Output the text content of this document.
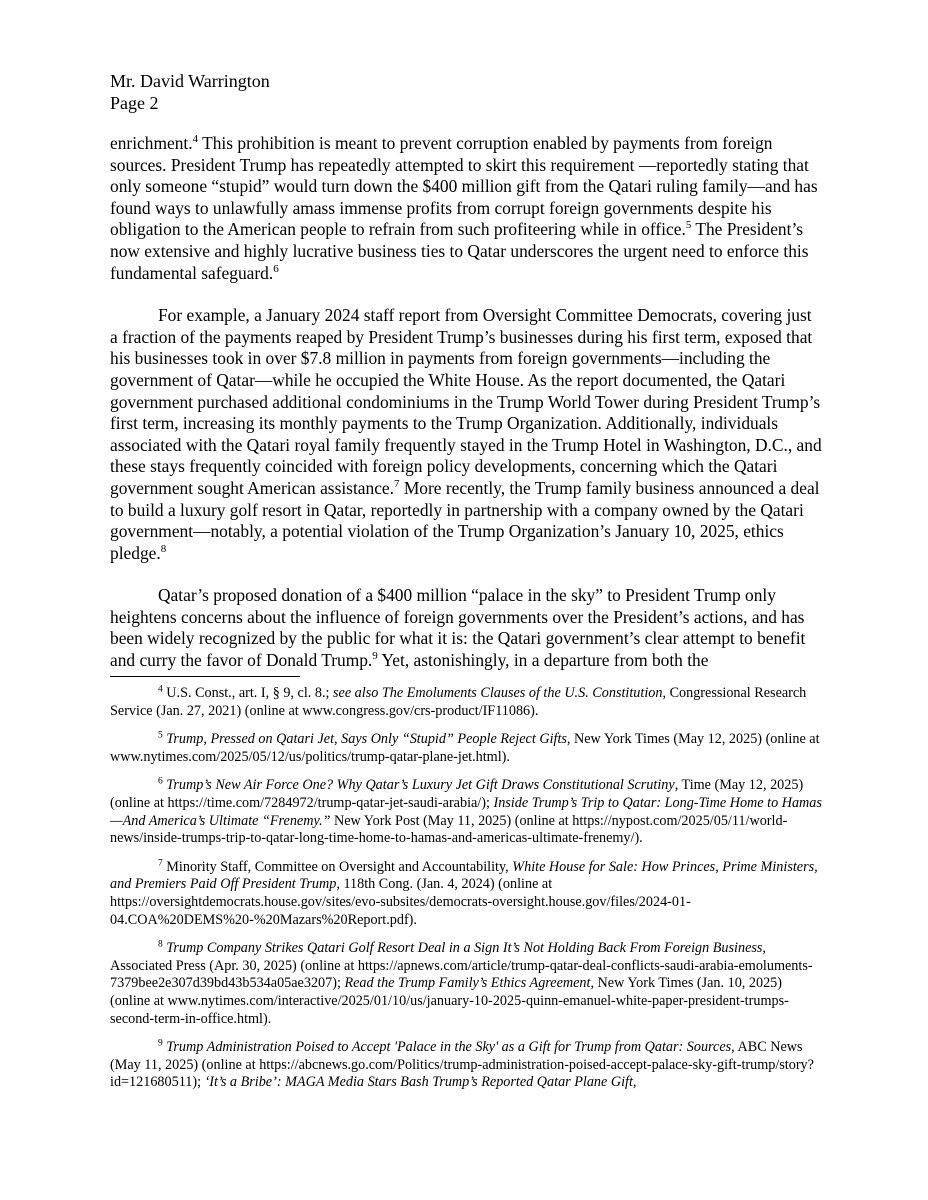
Mr. David Warrington
Page 2

enrichment.$^4$ This prohibition is meant to prevent corruption enabled by payments from foreign sources. President Trump has repeatedly attempted to skirt this requirement —reportedly stating that only someone “stupid” would turn down the $400 million gift from the Qatari ruling family—and has found ways to unlawfully amass immense profits from corrupt foreign governments despite his obligation to the American people to refrain from such profiteering while in office.$^5$ The President’s now extensive and highly lucrative business ties to Qatar underscores the urgent need to enforce this fundamental safeguard.$^6$

For example, a January 2024 staff report from Oversight Committee Democrats, covering just a fraction of the payments reaped by President Trump’s businesses during his first term, exposed that his businesses took in over $7.8 million in payments from foreign governments—including the government of Qatar—while he occupied the White House. As the report documented, the Qatari government purchased additional condominiums in the Trump World Tower during President Trump’s first term, increasing its monthly payments to the Trump Organization. Additionally, individuals associated with the Qatari royal family frequently stayed in the Trump Hotel in Washington, D.C., and these stays frequently coincided with foreign policy developments, concerning which the Qatari government sought American assistance.$^7$ More recently, the Trump family business announced a deal to build a luxury golf resort in Qatar, reportedly in partnership with a company owned by the Qatari government—notably, a potential violation of the Trump Organization’s January 10, 2025, ethics pledge.$^8$

Qatar’s proposed donation of a $400 million “palace in the sky” to President Trump only heightens concerns about the influence of foreign governments over the President’s actions, and has been widely recognized by the public for what it is: the Qatari government’s clear attempt to benefit and curry the favor of Donald Trump.$^9$ Yet, astonishingly, in a departure from both the

$^4$ U.S. Const., art. I, § 9, cl. 8.; see also The Emoluments Clauses of the U.S. Constitution, Congressional Research Service (Jan. 27, 2021) (online at www.congress.gov/crs-product/IF11086).

$^5$ Trump, Pressed on Qatari Jet, Says Only “Stupid” People Reject Gifts, New York Times (May 12, 2025) (online at www.nytimes.com/2025/05/12/us/politics/trump-qatar-plane-jet.html).

$^6$ Trump’s New Air Force One? Why Qatar’s Luxury Jet Gift Draws Constitutional Scrutiny, Time (May 12, 2025) (online at https://time.com/7284972/trump-qatar-jet-saudi-arabia/); Inside Trump’s Trip to Qatar: Long-Time Home to Hamas—And America’s Ultimate “Frenemy.” New York Post (May 11, 2025) (online at https://nypost.com/2025/05/11/world-news/inside-trumps-trip-to-qatar-long-time-home-to-hamas-and-americas-ultimate-frenemy/).

$^7$ Minority Staff, Committee on Oversight and Accountability, White House for Sale: How Princes, Prime Ministers, and Premiers Paid Off President Trump, 118th Cong. (Jan. 4, 2024) (online at https://oversightdemocrats.house.gov/sites/evo-subsites/democrats-oversight.house.gov/files/2024-01-04.COA%20DEMS%20-%20Mazars%20Report.pdf).

$^8$ Trump Company Strikes Qatari Golf Resort Deal in a Sign It’s Not Holding Back From Foreign Business, Associated Press (Apr. 30, 2025) (online at https://apnews.com/article/trump-qatar-deal-conflicts-saudi-arabia-emoluments-7379bee2e307d39bd43b534a05ae3207); Read the Trump Family’s Ethics Agreement, New York Times (Jan. 10, 2025) (online at www.nytimes.com/interactive/2025/01/10/us/january-10-2025-quinn-emanuel-white-paper-president-trumps-second-term-in-office.html).

$^9$ Trump Administration Poised to Accept 'Palace in the Sky' as a Gift for Trump from Qatar: Sources, ABC News (May 11, 2025) (online at https://abcnews.go.com/Politics/trump-administration-poised-accept-palace-sky-gift-trump/story?id=121680511); ‘It’s a Bribe’: MAGA Media Stars Bash Trump’s Reported Qatar Plane Gift,
